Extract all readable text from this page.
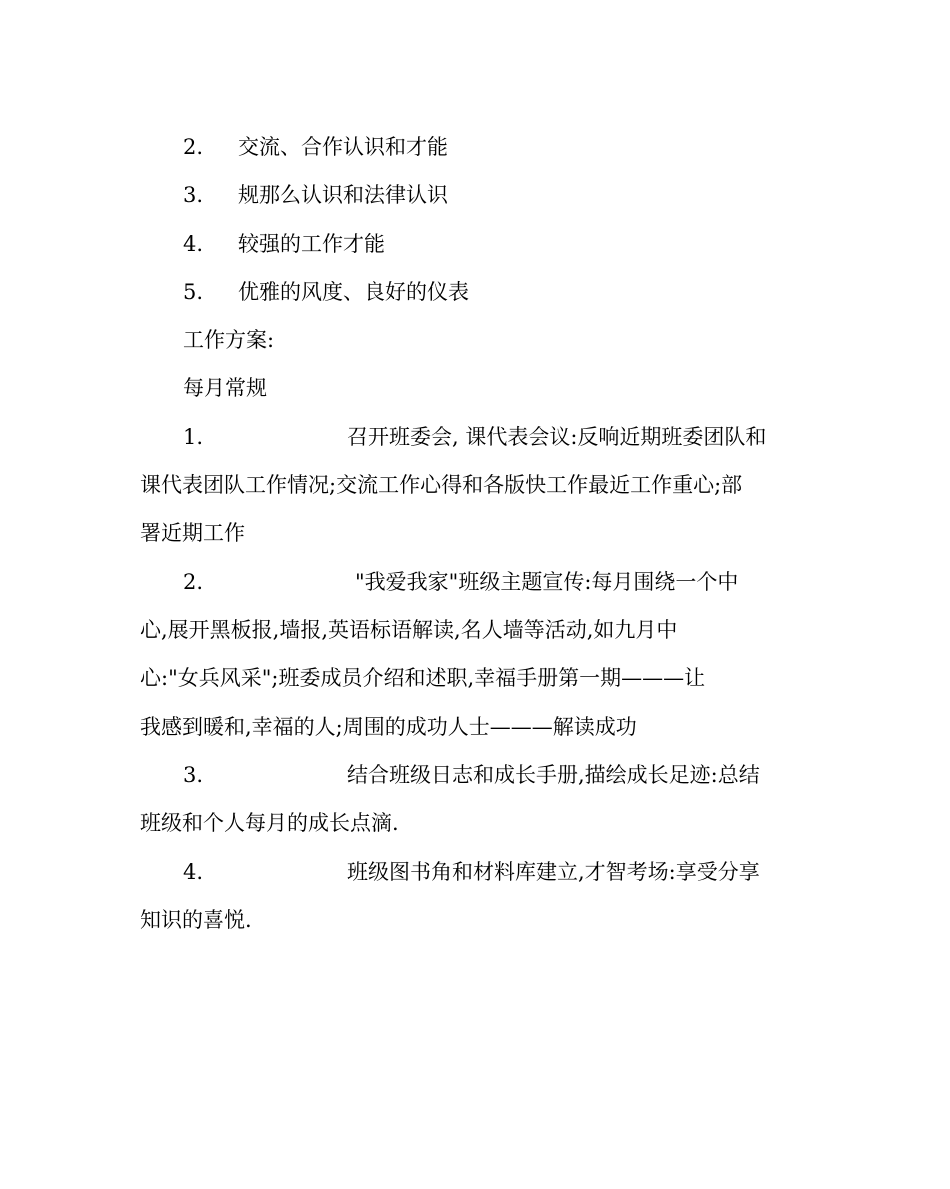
2. 交流、合作认识和才能
3. 规那么认识和法律认识
4. 较强的工作才能
5. 优雅的风度、良好的仪表
工作方案:
每月常规
1.	召开班委会, 课代表会议:反响近期班委团队和
课代表团队工作情况;交流工作心得和各版快工作最近工作重心;部
署近期工作
2.	"我爱我家"班级主题宣传:每月围绕一个中
心,展开黑板报,墙报,英语标语解读,名人墙等活动,如九月中
心:"女兵风采";班委成员介绍和述职,幸福手册第一期———让
我感到暖和,幸福的人;周围的成功人士———解读成功
3.	结合班级日志和成长手册,描绘成长足迹:总结
班级和个人每月的成长点滴.
4.	班级图书角和材料库建立,才智考场:享受分享
知识的喜悦.
